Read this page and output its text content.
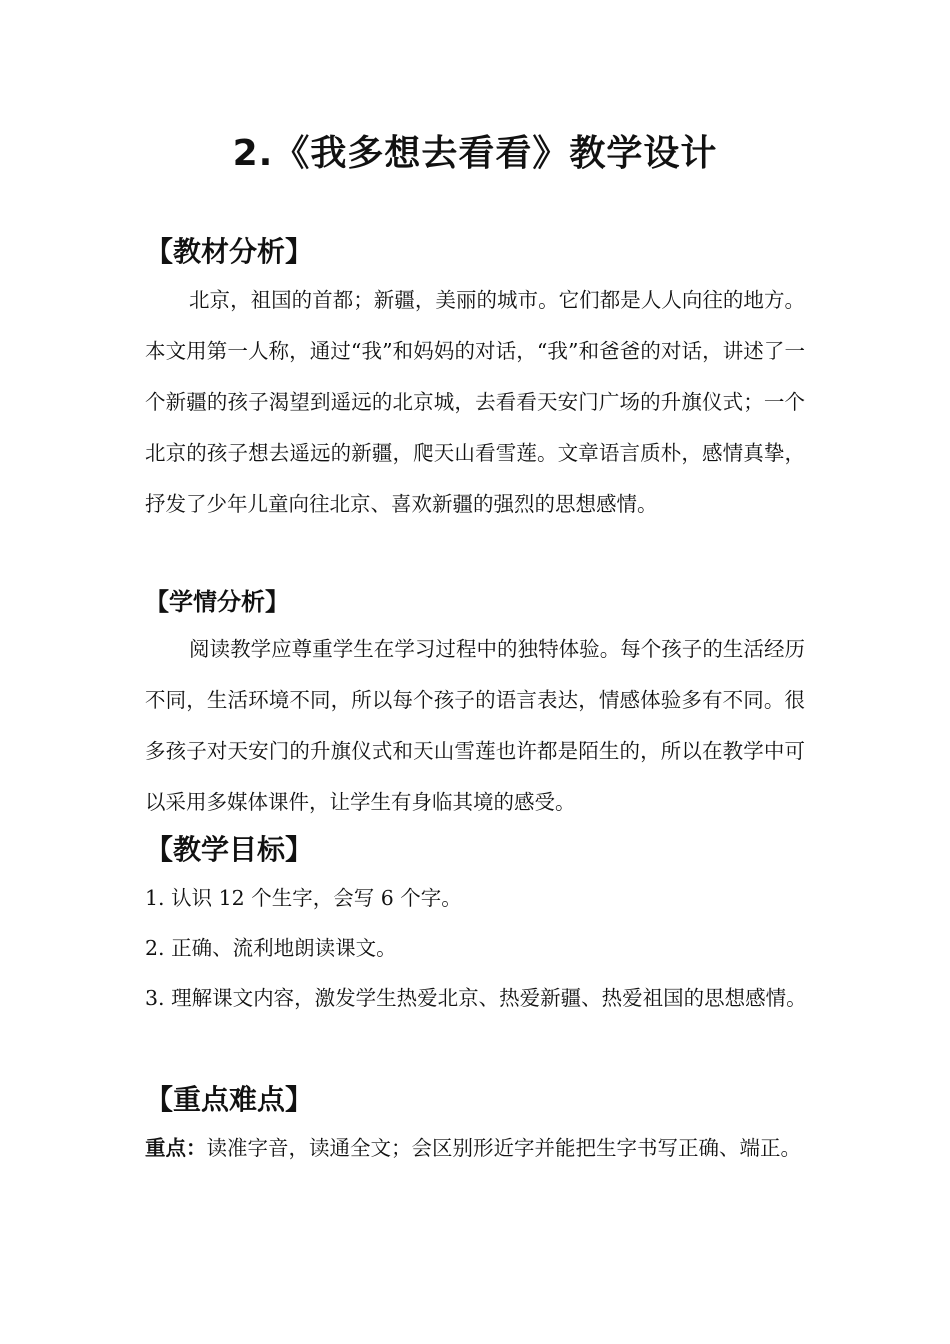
2.《我多想去看看》教学设计
【教材分析】

北京，祖国的首都；新疆，美丽的城市。它们都是人人向往的地方。本文用第一人称，通过“我”和妈妈的对话，“我”和爸爸的对话，讲述了一个新疆的孩子渴望到遥远的北京城，去看看天安门广场的升旗仪式；一个北京的孩子想去遥远的新疆，爬天山看雪莲。文章语言质朴，感情真挚，抒发了少年儿童向往北京、喜欢新疆的强烈的思想感情。

【学情分析】

阅读教学应尊重学生在学习过程中的独特体验。每个孩子的生活经历不同，生活环境不同，所以每个孩子的语言表达，情感体验多有不同。很多孩子对天安门的升旗仪式和天山雪莲也许都是陌生的，所以在教学中可以采用多媒体课件，让学生有身临其境的感受。

【教学目标】

1. 认识 12 个生字，会写 6 个字。

2. 正确、流利地朗读课文。

3. 理解课文内容，激发学生热爱北京、热爱新疆、热爱祖国的思想感情。

【重点难点】

重点：读准字音，读通全文；会区别形近字并能把生字书写正确、端正。
